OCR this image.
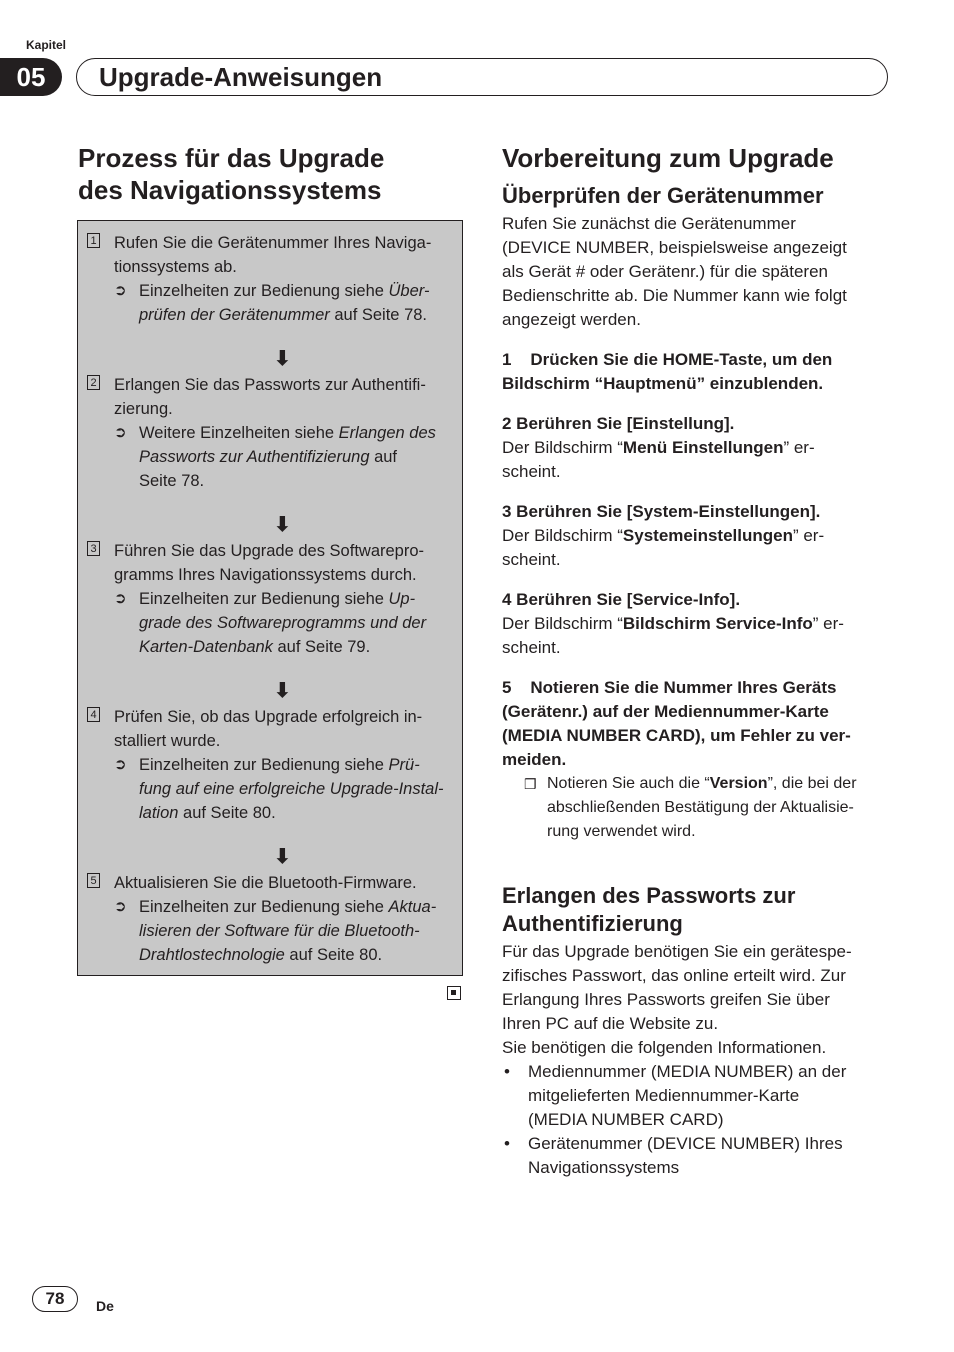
Kapitel
05	Upgrade-Anweisungen
Prozess für das Upgrade
des Navigationssystems
1 Rufen Sie die Gerätenummer Ihres Naviga-
tionssystems ab.
➲ Einzelheiten zur Bedienung siehe Über-
prüfen der Gerätenummer auf Seite 78.
⬇
2 Erlangen Sie das Passworts zur Authentifi-
zierung.
➲ Weitere Einzelheiten siehe Erlangen des
Passworts zur Authentifizierung auf
Seite 78.
⬇
3 Führen Sie das Upgrade des Softwarepro-
gramms Ihres Navigationssystems durch.
➲ Einzelheiten zur Bedienung siehe Up-
grade des Softwareprogramms und der
Karten-Datenbank auf Seite 79.
⬇
4 Prüfen Sie, ob das Upgrade erfolgreich in-
stalliert wurde.
➲ Einzelheiten zur Bedienung siehe Prü-
fung auf eine erfolgreiche Upgrade-Instal-
lation auf Seite 80.
⬇
5 Aktualisieren Sie die Bluetooth-Firmware.
➲ Einzelheiten zur Bedienung siehe Aktua-
lisieren der Software für die Bluetooth-
Drahtlostechnologie auf Seite 80.
Vorbereitung zum Upgrade
Überprüfen der Gerätenummer

Rufen Sie zunächst die Gerätenummer
(DEVICE NUMBER, beispielsweise angezeigt
als Gerät # oder Gerätenr.) für die späteren
Bedienschritte ab. Die Nummer kann wie folgt
angezeigt werden.

1    Drücken Sie die HOME-Taste, um den
Bildschirm “Hauptmenü” einzublenden.

2 Berühren Sie [Einstellung].

Der Bildschirm “Menü Einstellungen” er-
scheint.

3 Berühren Sie [System-Einstellungen].

Der Bildschirm “Systemeinstellungen” er-
scheint.

4 Berühren Sie [Service-Info].

Der Bildschirm “Bildschirm Service-Info” er-
scheint.

5    Notieren Sie die Nummer Ihres Geräts
(Gerätenr.) auf der Mediennummer-Karte
(MEDIA NUMBER CARD), um Fehler zu ver-
meiden.

❒ Notieren Sie auch die “Version”, die bei der
abschließenden Bestätigung der Aktualisie-
rung verwendet wird.

Erlangen des Passworts zur
Authentifizierung

Für das Upgrade benötigen Sie ein gerätespe-
zifisches Passwort, das online erteilt wird. Zur
Erlangung Ihres Passworts greifen Sie über
Ihren PC auf die Website zu.

Sie benötigen die folgenden Informationen.

• Mediennummer (MEDIA NUMBER) an der
mitgelieferten Mediennummer-Karte
(MEDIA NUMBER CARD)

• Gerätenummer (DEVICE NUMBER) Ihres
Navigationssystems

78	De
